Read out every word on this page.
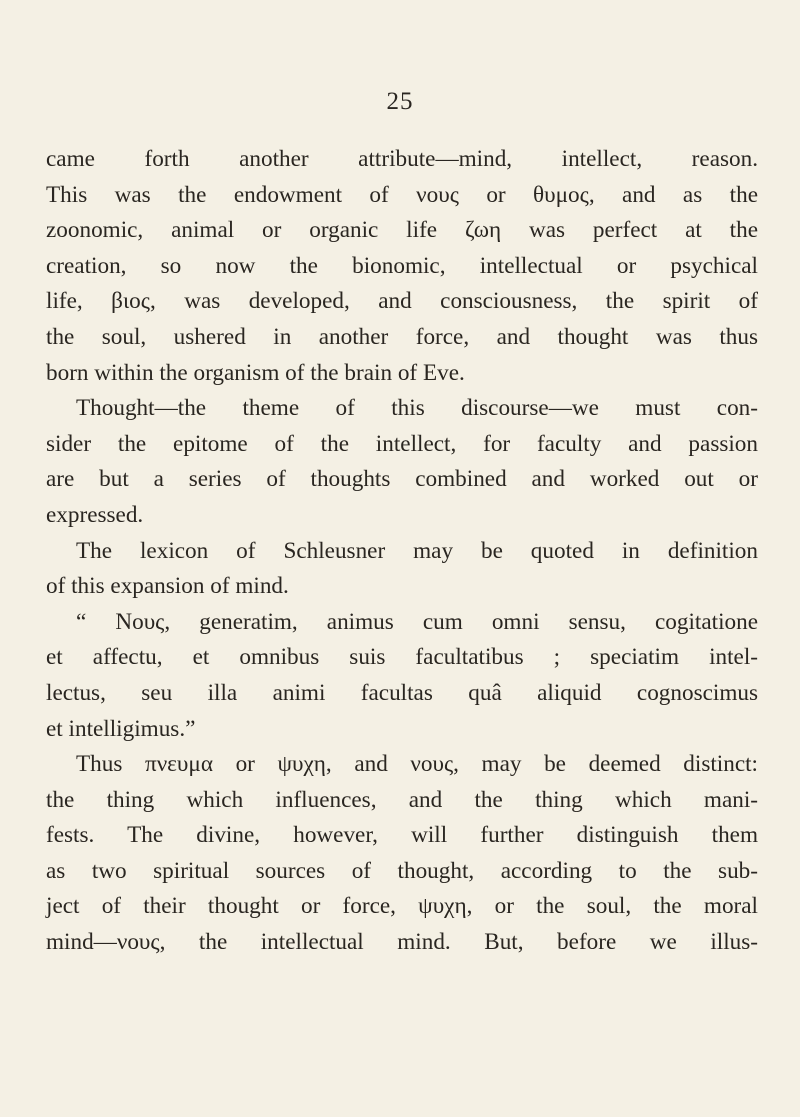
25
came forth another attribute—mind, intellect, reason.
This was the endowment of νους or θυμος, and as the
zoonomic, animal or organic life ζωη was perfect at the
creation, so now the bionomic, intellectual or psychical
life, βιος, was developed, and consciousness, the spirit of
the soul, ushered in another force, and thought was thus
born within the organism of the brain of Eve.
Thought—the theme of this discourse—we must con-
sider the epitome of the intellect, for faculty and passion
are but a series of thoughts combined and worked out or
expressed.
The lexicon of Schleusner may be quoted in definition
of this expansion of mind.
“ Νους, generatim, animus cum omni sensu, cogitatione
et affectu, et omnibus suis facultatibus ; speciatim intel-
lectus, seu illa animi facultas quâ aliquid cognoscimus
et intelligimus.”
Thus πνευμα or ψυχη, and νους, may be deemed distinct:
the thing which influences, and the thing which mani-
fests. The divine, however, will further distinguish them
as two spiritual sources of thought, according to the sub-
ject of their thought or force, ψυχη, or the soul, the moral
mind—νους, the intellectual mind. But, before we illus-
